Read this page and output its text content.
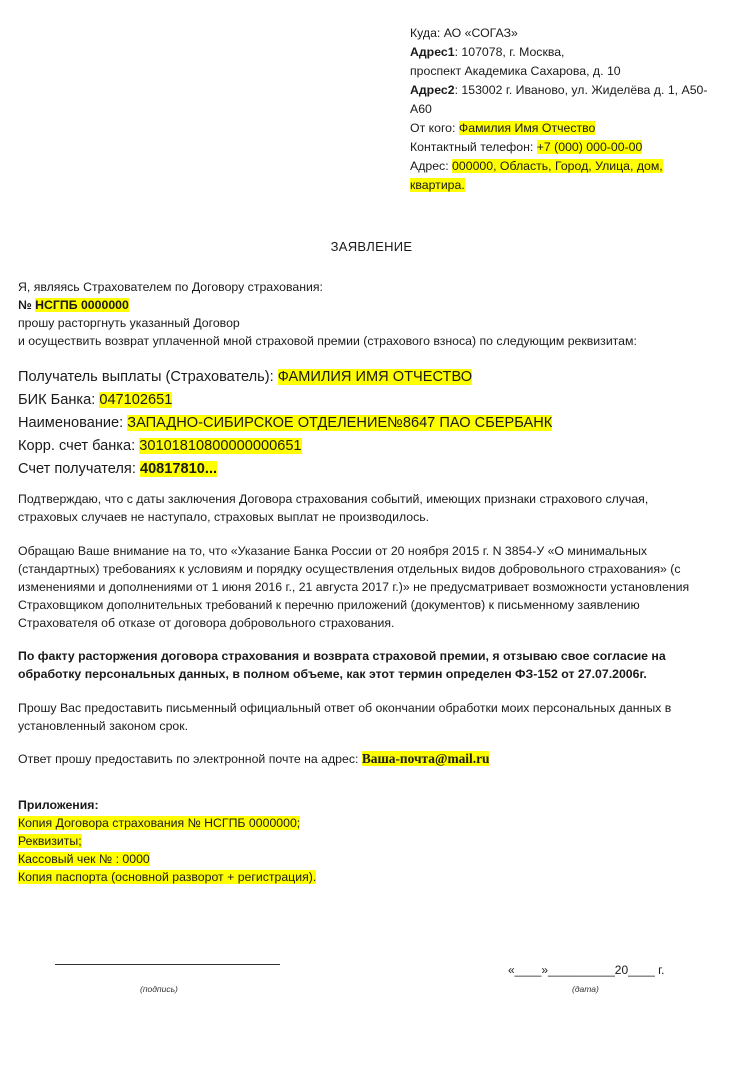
Куда: АО «СОГАЗ»
Адрес1: 107078, г. Москва,
проспект Академика Сахарова, д. 10
Адрес2: 153002 г. Иваново, ул. Жиделёва д. 1, А50-А60
От кого: Фамилия Имя Отчество
Контактный телефон: +7 (000) 000-00-00
Адрес: 000000, Область, Город, Улица, дом, квартира.
ЗАЯВЛЕНИЕ
Я, являясь Страхователем по Договору страхования:
№ НСГПБ 0000000
прошу расторгнуть указанный Договор
и осуществить возврат уплаченной мной страховой премии (страхового взноса) по следующим реквизитам:
Получатель выплаты (Страхователь): ФАМИЛИЯ ИМЯ ОТЧЕСТВО
БИК Банка: 047102651
Наименование: ЗАПАДНО-СИБИРСКОЕ ОТДЕЛЕНИЕ№8647 ПАО СБЕРБАНК
Корр. счет банка: 30101810800000000651
Счет получателя: 40817810...
Подтверждаю, что с даты заключения Договора страхования событий, имеющих признаки страхового случая, страховых случаев не наступало, страховых выплат не производилось.
Обращаю Ваше внимание на то, что «Указание Банка России от 20 ноября 2015 г. N 3854-У «О минимальных (стандартных) требованиях к условиям и порядку осуществления отдельных видов добровольного страхования» (с изменениями и дополнениями от 1 июня 2016 г., 21 августа 2017 г.)» не предусматривает возможности установления Страховщиком дополнительных требований к перечню приложений (документов) к письменному заявлению Страхователя об отказе от договора добровольного страхования.
По факту расторжения договора страхования и возврата страховой премии, я отзываю свое согласие на обработку персональных данных, в полном объеме, как этот термин определен ФЗ-152 от 27.07.2006г.
Прошу Вас предоставить письменный официальный ответ об окончании обработки моих персональных данных в установленный законом срок.
Ответ прошу предоставить по электронной почте на адрес: Ваша-почта@mail.ru
Приложения:
Копия Договора страхования № НСГПБ 0000000;
Реквизиты;
Кассовый чек № : 0000
Копия паспорта (основной разворот + регистрация).
(подпись)
«____»__________20____ г.
(дата)
